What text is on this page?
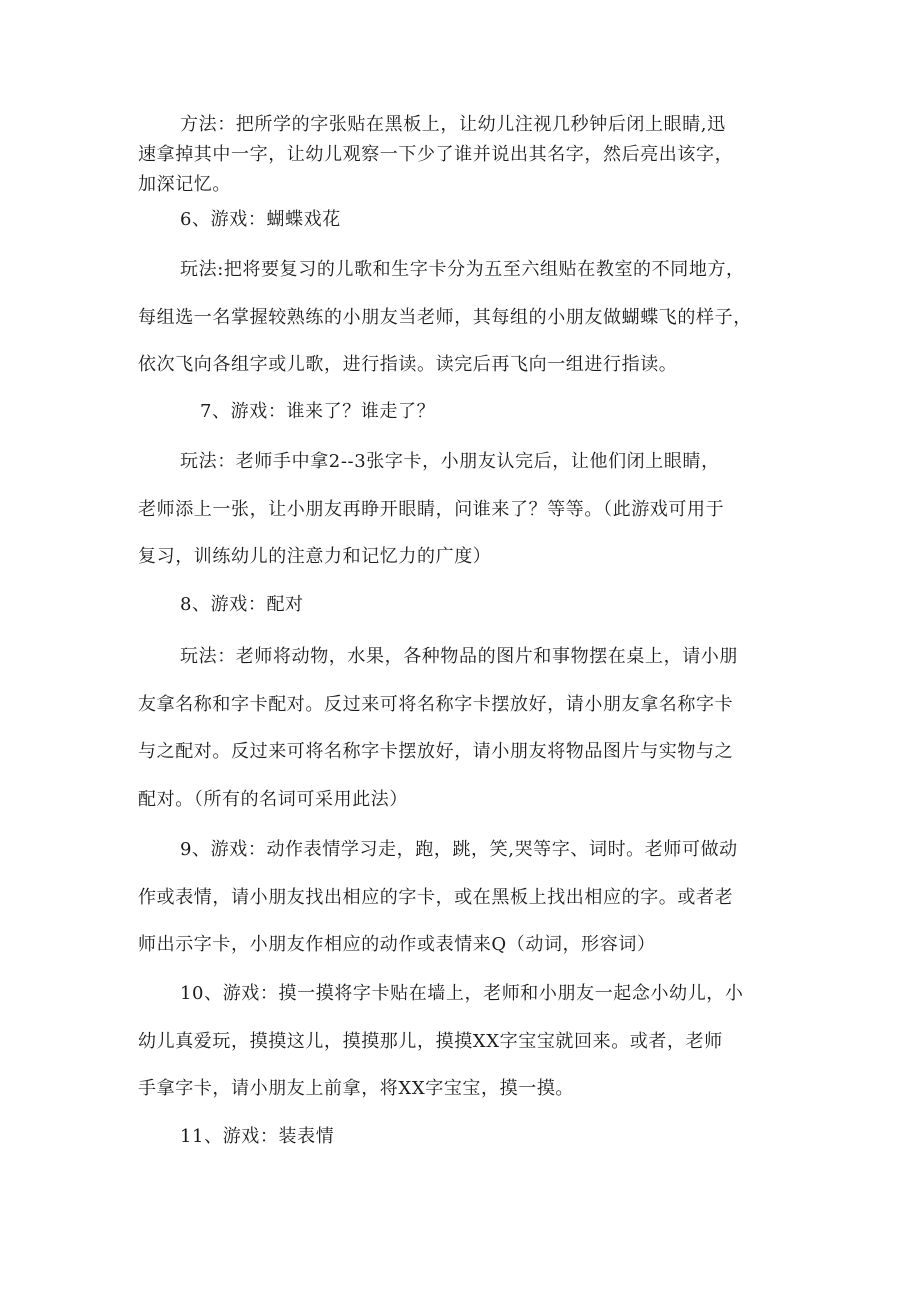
方法：把所学的字张贴在黑板上，让幼儿注视几秒钟后闭上眼睛,迅
速拿掉其中一字，让幼儿观察一下少了谁并说出其名字，然后亮出该字，
加深记忆。
6、游戏：蝴蝶戏花
玩法:把将要复习的儿歌和生字卡分为五至六组贴在教室的不同地方，
每组选一名掌握较熟练的小朋友当老师，其每组的小朋友做蝴蝶飞的样子，
依次飞向各组字或儿歌，进行指读。读完后再飞向一组进行指读。
7、游戏：谁来了？谁走了？
玩法：老师手中拿2--3张字卡，小朋友认完后，让他们闭上眼睛，
老师添上一张，让小朋友再睁开眼睛，问谁来了？等等。（此游戏可用于
复习，训练幼儿的注意力和记忆力的广度）
8、游戏：配对
玩法：老师将动物，水果，各种物品的图片和事物摆在桌上，请小朋
友拿名称和字卡配对。反过来可将名称字卡摆放好，请小朋友拿名称字卡
与之配对。反过来可将名称字卡摆放好，请小朋友将物品图片与实物与之
配对。（所有的名词可采用此法）
9、游戏：动作表情学习走，跑，跳，笑,哭等字、词时。老师可做动
作或表情，请小朋友找出相应的字卡，或在黑板上找出相应的字。或者老
师出示字卡，小朋友作相应的动作或表情来Q（动词，形容词）
10、游戏：摸一摸将字卡贴在墙上，老师和小朋友一起念小幼儿，小
幼儿真爱玩，摸摸这儿，摸摸那儿，摸摸XX字宝宝就回来。或者，老师
手拿字卡，请小朋友上前拿，将XX字宝宝，摸一摸。
11、游戏：装表情
